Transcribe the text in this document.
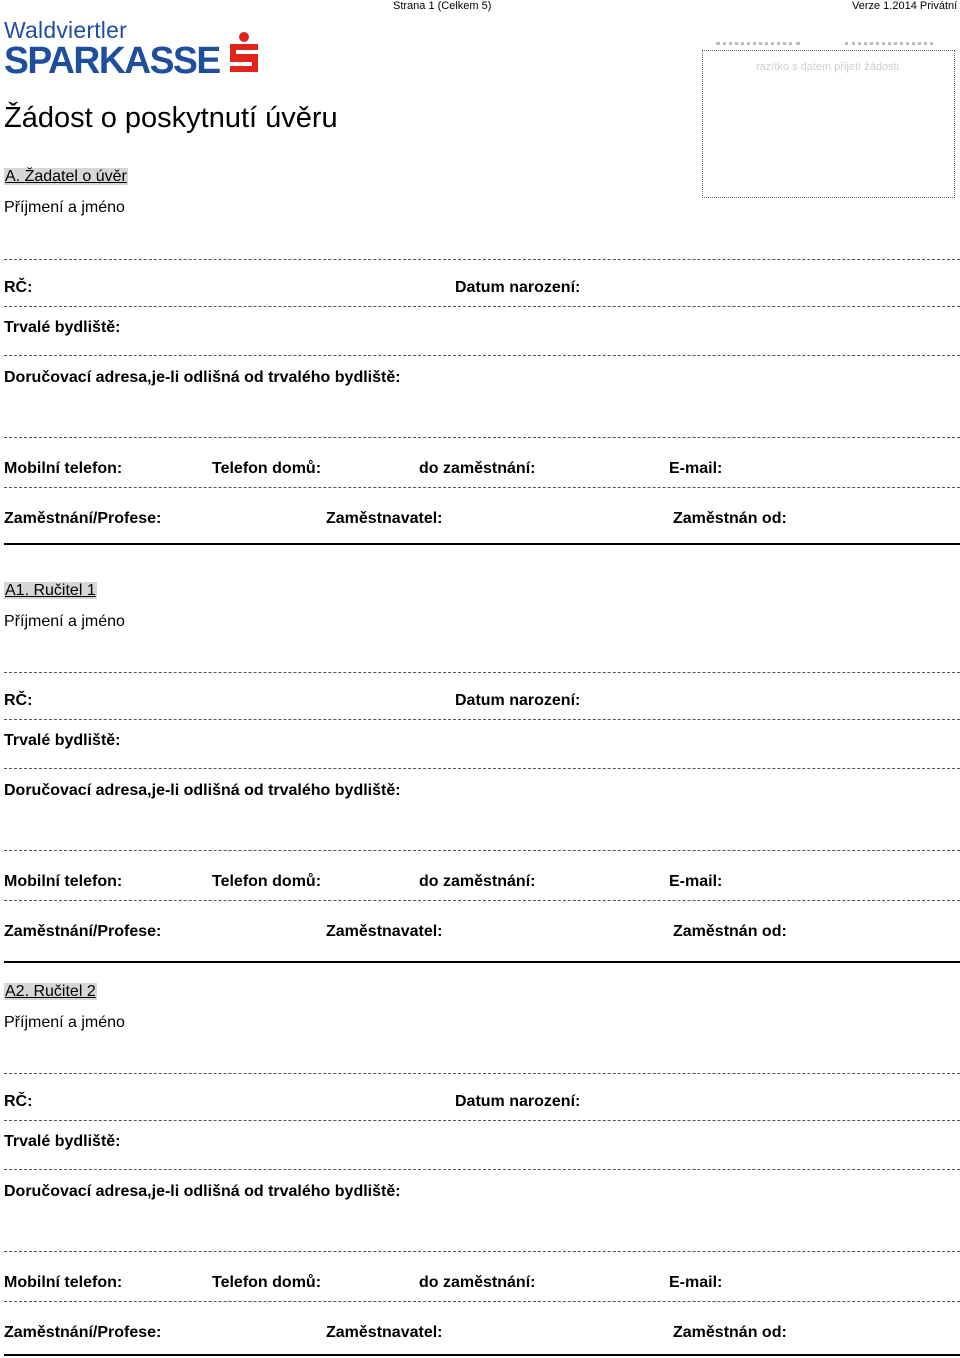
Strana 1 (Celkem 5)	Verze 1.2014 Privátní
Waldviertler
SPARKASSE	razítko s datem přijetí žádosti
Žádost o poskytnutí úvěru
A. Žadatel o úvěr
Příjmení a jméno
RČ:	Datum narození:
Trvalé bydliště:
Doručovací adresa,je-li odlišná od trvalého bydliště:
Mobilní telefon:	Telefon domů:	do zaměstnání:	E-mail:
Zaměstnání/Profese:	Zaměstnavatel:	Zaměstnán od:
A1. Ručitel 1
Příjmení a jméno
RČ:	Datum narození:
Trvalé bydliště:
Doručovací adresa,je-li odlišná od trvalého bydliště:
Mobilní telefon:	Telefon domů:	do zaměstnání:	E-mail:
Zaměstnání/Profese:	Zaměstnavatel:	Zaměstnán od:
A2. Ručitel 2
Příjmení a jméno
RČ:	Datum narození:
Trvalé bydliště:
Doručovací adresa,je-li odlišná od trvalého bydliště:
Mobilní telefon:	Telefon domů:	do zaměstnání:	E-mail:
Zaměstnání/Profese:	Zaměstnavatel:	Zaměstnán od:
